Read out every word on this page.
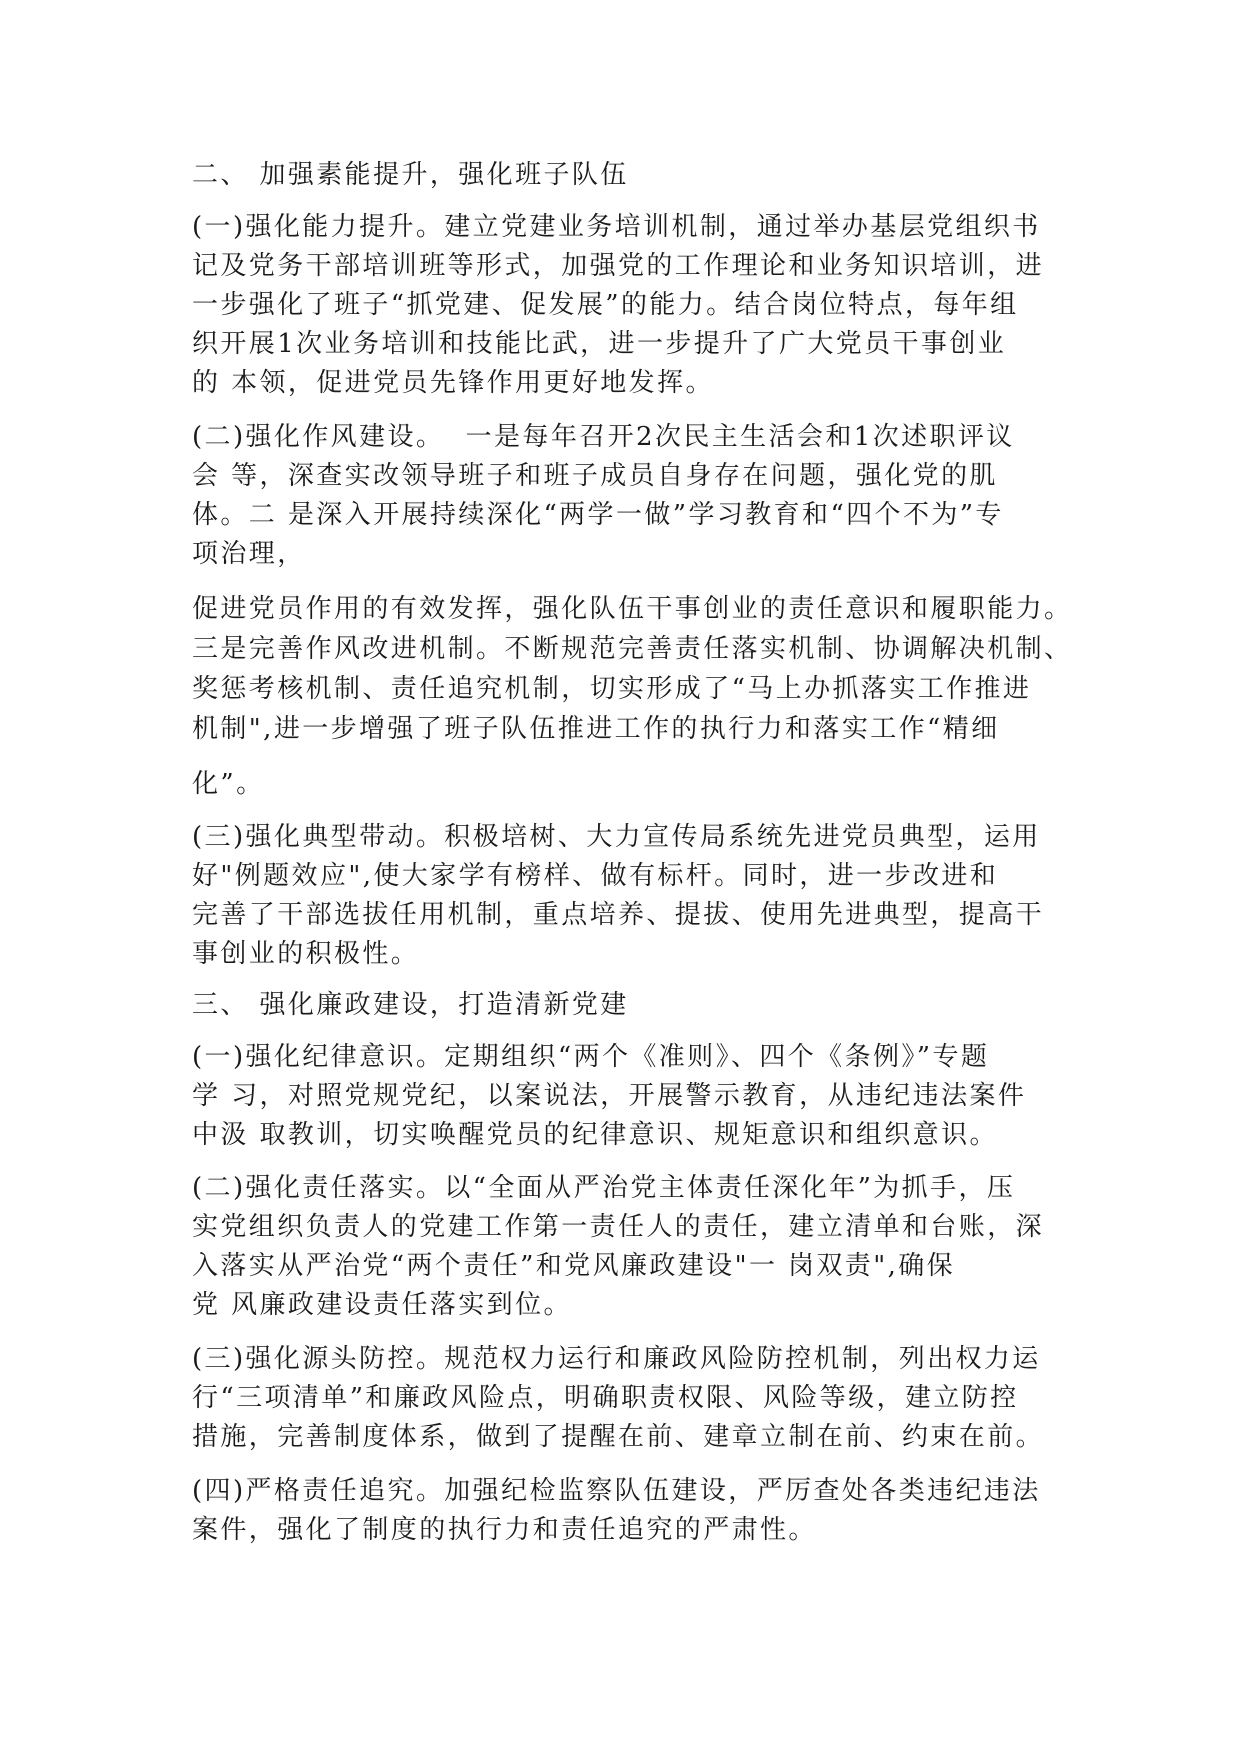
二、 加强素能提升，强化班子队伍
(一)强化能力提升。建立党建业务培训机制，通过举办基层党组织书
记及党务干部培训班等形式，加强党的工作理论和业务知识培训，进
一步强化了班子“抓党建、促发展”的能力。结合岗位特点，每年组
织开展1次业务培训和技能比武，进一步提升了广大党员干事创业
的 本领，促进党员先锋作用更好地发挥。
(二)强化作风建设。  一是每年召开2次民主生活会和1次述职评议
会 等，深查实改领导班子和班子成员自身存在问题，强化党的肌
体。二 是深入开展持续深化“两学一做”学习教育和“四个不为”专
项治理，
促进党员作用的有效发挥，强化队伍干事创业的责任意识和履职能力。
三是完善作风改进机制。不断规范完善责任落实机制、协调解决机制、
奖惩考核机制、责任追究机制，切实形成了“马上办抓落实工作推进
机制",进一步增强了班子队伍推进工作的执行力和落实工作“精细
化”。
(三)强化典型带动。积极培树、大力宣传局系统先进党员典型，运用
好"例题效应",使大家学有榜样、做有标杆。同时，进一步改进和
完善了干部选拔任用机制，重点培养、提拔、使用先进典型，提高干
事创业的积极性。
三、 强化廉政建设，打造清新党建
(一)强化纪律意识。定期组织“两个《准则》、四个《条例》”专题
学 习，对照党规党纪，以案说法，开展警示教育，从违纪违法案件
中汲 取教训，切实唤醒党员的纪律意识、规矩意识和组织意识。
(二)强化责任落实。以“全面从严治党主体责任深化年”为抓手，压
实党组织负责人的党建工作第一责任人的责任，建立清单和台账，深
入落实从严治党“两个责任”和党风廉政建设"一 岗双责",确保
党 风廉政建设责任落实到位。
(三)强化源头防控。规范权力运行和廉政风险防控机制，列出权力运
行“三项清单”和廉政风险点，明确职责权限、风险等级，建立防控
措施，完善制度体系，做到了提醒在前、建章立制在前、约束在前。
(四)严格责任追究。加强纪检监察队伍建设，严厉查处各类违纪违法
案件，强化了制度的执行力和责任追究的严肃性。
